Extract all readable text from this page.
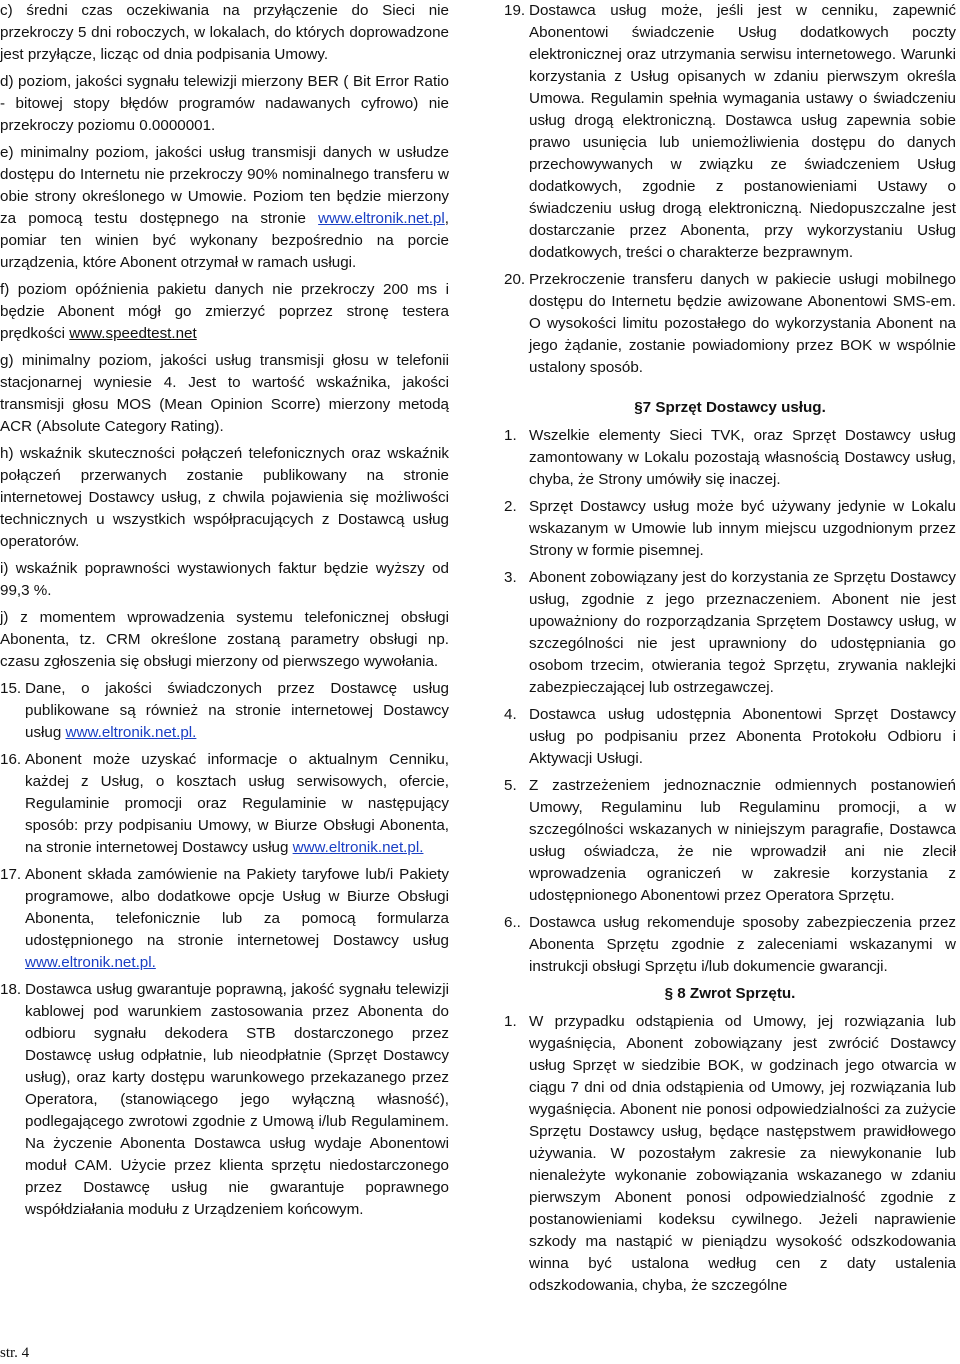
c) średni czas oczekiwania na przyłączenie do Sieci nie przekroczy 5 dni roboczych, w lokalach, do których doprowadzone jest przyłącze, licząc od dnia podpisania Umowy.

d) poziom, jakości sygnału telewizji mierzony BER ( Bit Error Ratio - bitowej stopy błędów programów nadawanych cyfrowo) nie przekroczy poziomu 0.0000001.

e) minimalny poziom, jakości usług transmisji danych w usłudze dostępu do Internetu nie przekroczy 90% nominalnego transferu w obie strony określonego w Umowie. Poziom ten będzie mierzony za pomocą testu dostępnego na stronie www.eltronik.net.pl, pomiar ten winien być wykonany bezpośrednio na porcie urządzenia, które Abonent otrzymał w ramach usługi.

f) poziom opóźnienia pakietu danych nie przekroczy 200 ms i będzie Abonent mógł go zmierzyć poprzez stronę testera prędkości www.speedtest.net

g) minimalny poziom, jakości usług transmisji głosu w telefonii stacjonarnej wyniesie 4. Jest to wartość wskaźnika, jakości transmisji głosu MOS (Mean Opinion Scorre) mierzony metodą ACR (Absolute Category Rating).

h) wskaźnik skuteczności połączeń telefonicznych oraz wskaźnik połączeń przerwanych zostanie publikowany na stronie internetowej Dostawcy usług, z chwila pojawienia się możliwości technicznych u wszystkich współpracujących z Dostawcą usług operatorów.

i) wskaźnik poprawności wystawionych faktur będzie wyższy od 99,3 %.

j) z momentem wprowadzenia systemu telefonicznej obsługi Abonenta, tz. CRM określone zostaną parametry obsługi np. czasu zgłoszenia się obsługi mierzony od pierwszego wywołania.

15. Dane, o jakości świadczonych przez Dostawcę usług publikowane są również na stronie internetowej Dostawcy usług www.eltronik.net.pl.
16. Abonent może uzyskać informacje o aktualnym Cenniku, każdej z Usług, o kosztach usług serwisowych, ofercie, Regulaminie promocji oraz Regulaminie w następujący sposób: przy podpisaniu Umowy, w Biurze Obsługi Abonenta, na stronie internetowej Dostawcy usług www.eltronik.net.pl.
17. Abonent składa zamówienie na Pakiety taryfowe lub/i Pakiety programowe, albo dodatkowe opcje Usług w Biurze Obsługi Abonenta, telefonicznie lub za pomocą formularza udostępnionego na stronie internetowej Dostawcy usług www.eltronik.net.pl.
18. Dostawca usług gwarantuje poprawną, jakość sygnału telewizji kablowej pod warunkiem zastosowania przez Abonenta do odbioru sygnału dekodera STB dostarczonego przez Dostawcę usług odpłatnie, lub nieodpłatnie (Sprzęt Dostawcy usług), oraz karty dostępu warunkowego przekazanego przez Operatora, (stanowiącego jego wyłączną własność), podlegającego zwrotowi zgodnie z Umową i/lub Regulaminem. Na życzenie Abonenta Dostawca usług wydaje Abonentowi moduł CAM. Użycie przez klienta sprzętu niedostarczonego przez Dostawcę usług nie gwarantuje poprawnego współdziałania modułu z Urządzeniem końcowym.
19. Dostawca usług może, jeśli jest w cenniku, zapewnić Abonentowi świadczenie Usług dodatkowych poczty elektronicznej oraz utrzymania serwisu internetowego. Warunki korzystania z Usług opisanych w zdaniu pierwszym określa Umowa. Regulamin spełnia wymagania ustawy o świadczeniu usług drogą elektroniczną. Dostawca usług zapewnia sobie prawo usunięcia lub uniemożliwienia dostępu do danych przechowywanych w związku ze świadczeniem Usług dodatkowych, zgodnie z postanowieniami Ustawy o świadczeniu usług drogą elektroniczną. Niedopuszczalne jest dostarczanie przez Abonenta, przy wykorzystaniu Usług dodatkowych, treści o charakterze bezprawnym.
20. Przekroczenie transferu danych w pakiecie usługi mobilnego dostępu do Internetu będzie awizowane Abonentowi SMS-em. O wysokości limitu pozostałego do wykorzystania Abonent na jego żądanie, zostanie powiadomiony przez BOK w wspólnie ustalony sposób.
§7 Sprzęt Dostawcy usług.
1. Wszelkie elementy Sieci TVK, oraz Sprzęt Dostawcy usług zamontowany w Lokalu pozostają własnością Dostawcy usług, chyba, że Strony umówiły się inaczej.
2. Sprzęt Dostawcy usług może być używany jedynie w Lokalu wskazanym w Umowie lub innym miejscu uzgodnionym przez Strony w formie pisemnej.
3. Abonent zobowiązany jest do korzystania ze Sprzętu Dostawcy usług, zgodnie z jego przeznaczeniem. Abonent nie jest upoważniony do rozporządzania Sprzętem Dostawcy usług, w szczególności nie jest uprawniony do udostępniania go osobom trzecim, otwierania tegoż Sprzętu, zrywania naklejki zabezpieczającej lub ostrzegawczej.
4. Dostawca usług udostępnia Abonentowi Sprzęt Dostawcy usług po podpisaniu przez Abonenta Protokołu Odbioru i Aktywacji Usługi.
5. Z zastrzeżeniem jednoznacznie odmiennych postanowień Umowy, Regulaminu lub Regulaminu promocji, a w szczególności wskazanych w niniejszym paragrafie, Dostawca usług oświadcza, że nie wprowadził ani nie zlecił wprowadzenia ograniczeń w zakresie korzystania z udostępnionego Abonentowi przez Operatora Sprzętu.
6.. Dostawca usług rekomenduje sposoby zabezpieczenia przez Abonenta Sprzętu zgodnie z zaleceniami wskazanymi w instrukcji obsługi Sprzętu i/lub dokumencie gwarancji.
§ 8 Zwrot Sprzętu.
1. W przypadku odstąpienia od Umowy, jej rozwiązania lub wygaśnięcia, Abonent zobowiązany jest zwrócić Dostawcy usług Sprzęt w siedzibie BOK, w godzinach jego otwarcia w ciągu 7 dni od dnia odstąpienia od Umowy, jej rozwiązania lub wygaśnięcia. Abonent nie ponosi odpowiedzialności za zużycie Sprzętu Dostawcy usług, będące następstwem prawidłowego używania. W pozostałym zakresie za niewykonanie lub nienależyte wykonanie zobowiązania wskazanego w zdaniu pierwszym Abonent ponosi odpowiedzialność zgodnie z postanowieniami kodeksu cywilnego. Jeżeli naprawienie szkody ma nastąpić w pieniądzu wysokość odszkodowania winna być ustalona według cen z daty ustalenia odszkodowania, chyba, że szczególne
str. 4
